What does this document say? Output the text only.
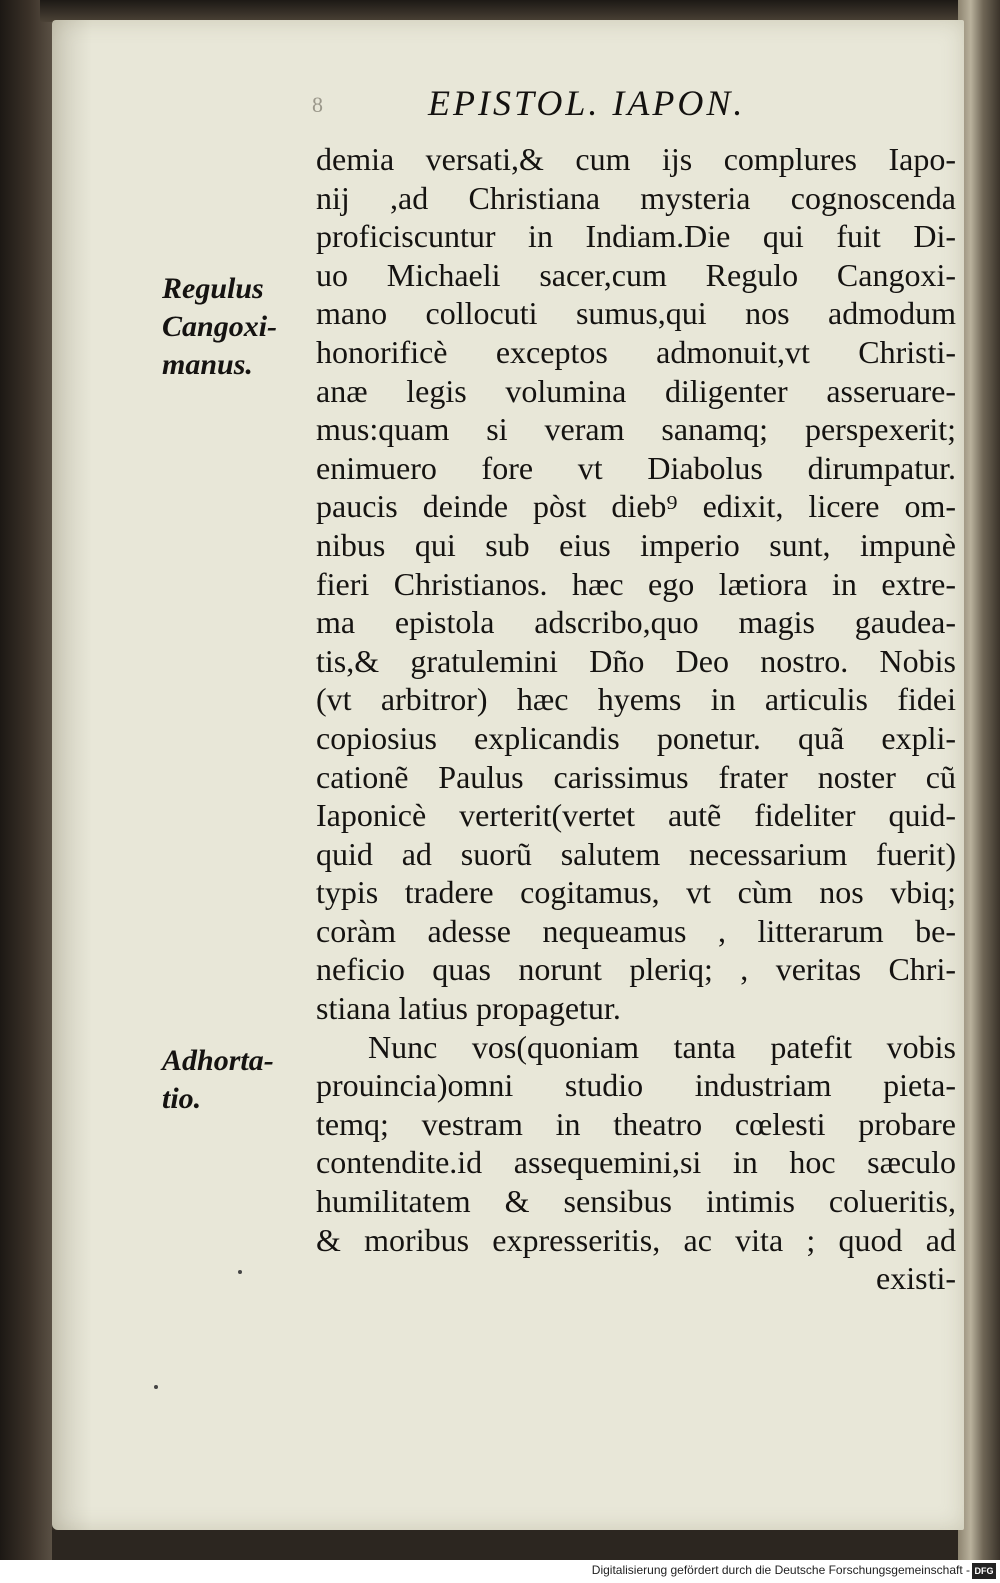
8	EPISTOL. IAPON.
Regulus
Cangoxi-
manus.
Adhorta-
tio.
demia versati,& cum ijs complures Iapo-
nij ,ad Christiana mysteria cognoscenda
proficiscuntur in Indiam.Die qui fuit Di-
uo Michaeli sacer,cum Regulo Cangoxi-
mano collocuti sumus,qui nos admodum
honorificè exceptos admonuit,vt Christi-
anæ legis volumina diligenter asseruare-
mus:quam si veram sanamq; perspexerit;
enimuero fore vt Diabolus dirumpatur.
paucis deinde pòst dieb⁹ edixit, licere om-
nibus qui sub eius imperio sunt, impunè
fieri Christianos. hæc ego lætiora in extre-
ma epistola adscribo,quo magis gaudea-
tis,& gratulemini Dño Deo nostro. Nobis
(vt arbitror) hæc hyems in articulis fidei
copiosius explicandis ponetur. quã expli-
cationẽ Paulus carissimus frater noster cũ
Iaponicè verterit(vertet autẽ fideliter quid-
quid ad suorũ salutem necessarium fuerit)
typis tradere cogitamus, vt cùm nos vbiq;
coràm adesse nequeamus , litterarum be-
neficio quas norunt pleriq; , veritas Chri-
stiana latius propagetur.
Nunc vos(quoniam tanta patefit vobis
prouincia)omni studio industriam pieta-
temq; vestram in theatro cœlesti probare
contendite.id assequemini,si in hoc sæculo
humilitatem & sensibus intimis colueritis,
& moribus expresseritis, ac vita ; quod ad
existi-
Digitalisierung gefördert durch die Deutsche Forschungsgemeinschaft - DFG
